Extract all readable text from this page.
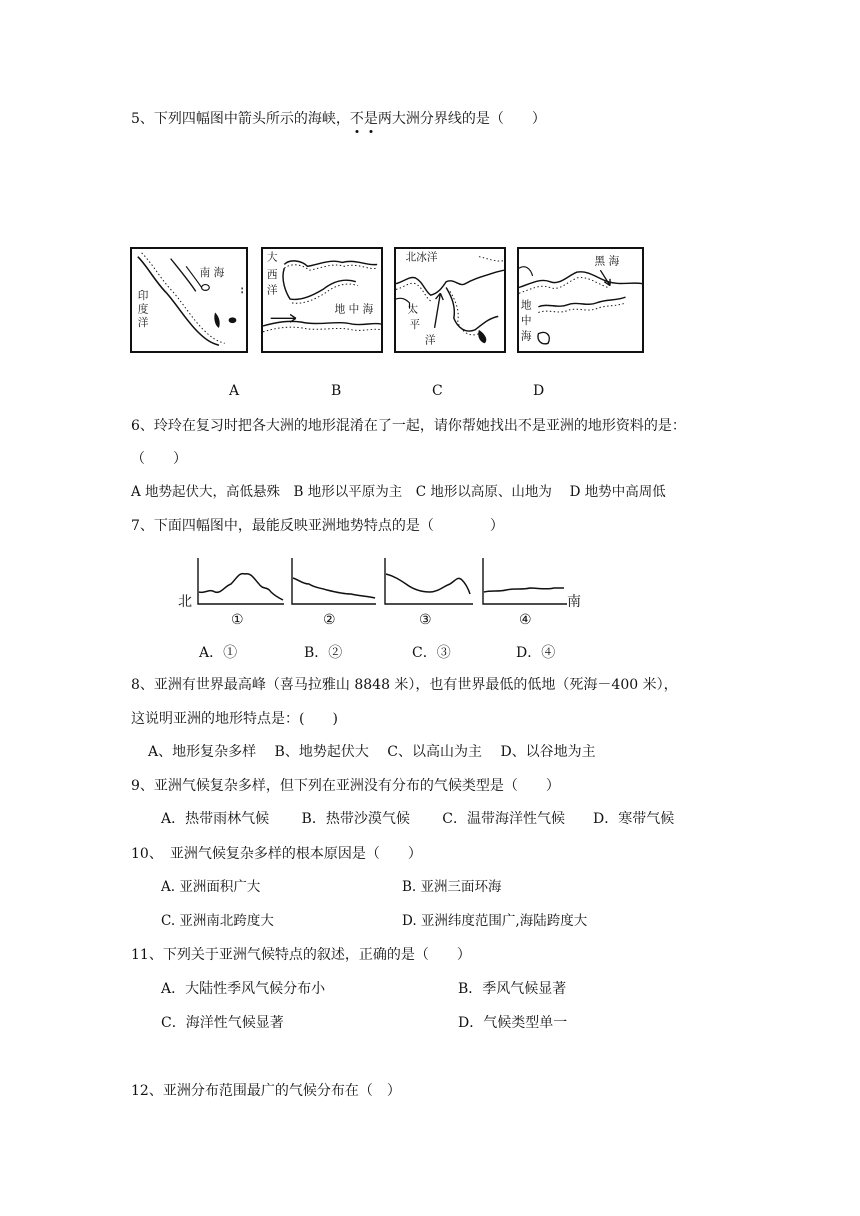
5、下列四幅图中箭头所示的海峡，不
是
两大洲分界线的是（　　）
南 海
印
度
洋
大
西
洋
地 中 海
北冰洋
太
平
洋
黑 海
地
中
海
A	B	C	D
6、玲玲在复习时把各大洲的地形混淆在了一起，请你帮她找出不是亚洲的地形资料的是：
（　　）
A 地势起伏大，高低悬殊　B 地形以平原为主　C 地形以高原、山地为　 D 地势中高周低
7、下面四幅图中，最能反映亚洲地势特点的是（　　　　）
北	南
①	②	③	④
A．①	B．②	C．③	D．④
8、亚洲有世界最高峰（喜马拉雅山 8848 米），也有世界最低的低地（死海－400 米），
这说明亚洲的地形特点是：(　　)
A、地形复杂多样　 B、地势起伏大　 C、以高山为主　 D、以谷地为主
9、亚洲气候复杂多样，但下列在亚洲没有分布的气候类型是（　　）
A．热带雨林气候　　 B．热带沙漠气候　　 C．温带海洋性气候　　D．寒带气候
10、　亚洲气候复杂多样的根本原因是（　　）
A. 亚洲面积广大	B. 亚洲三面环海
C. 亚洲南北跨度大	D. 亚洲纬度范围广,海陆跨度大
11、下列关于亚洲气候特点的叙述，正确的是（　　）
A．大陆性季风气候分布小	B．季风气候显著
C．海洋性气候显著	D．气候类型单一
12、亚洲分布范围最广的气候分布在（　）
